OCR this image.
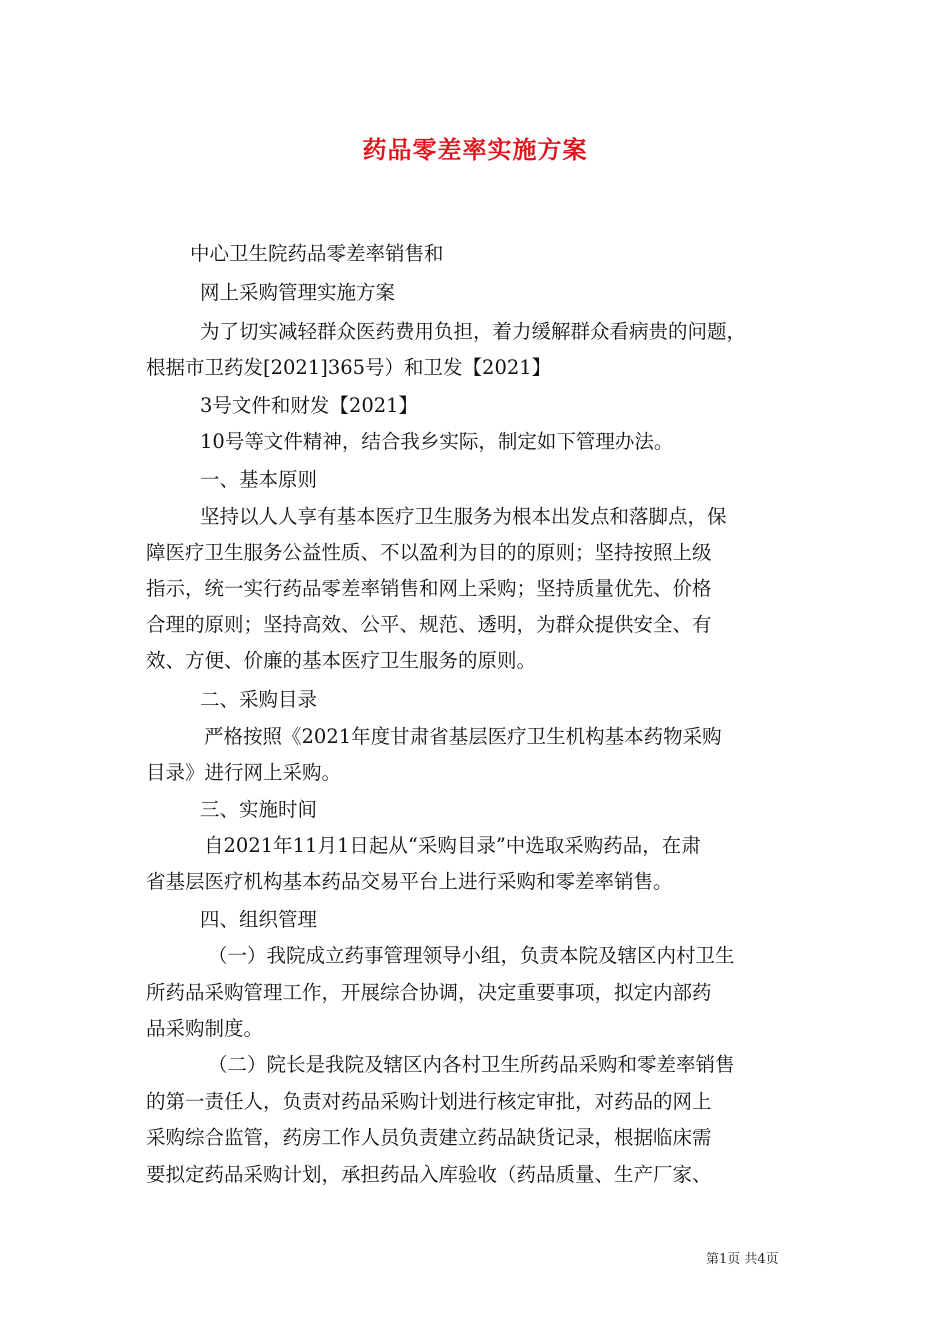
药品零差率实施方案
中心卫生院药品零差率销售和
网上采购管理实施方案
为了切实减轻群众医药费用负担，着力缓解群众看病贵的问题，
根据市卫药发[2021]365号）和卫发【2021】
3号文件和财发【2021】
10号等文件精神，结合我乡实际，制定如下管理办法。
一、基本原则
坚持以人人享有基本医疗卫生服务为根本出发点和落脚点，保
障医疗卫生服务公益性质、不以盈利为目的的原则；坚持按照上级
指示，统一实行药品零差率销售和网上采购；坚持质量优先、价格
合理的原则；坚持高效、公平、规范、透明，为群众提供安全、有
效、方便、价廉的基本医疗卫生服务的原则。
二、采购目录
严格按照《2021年度甘肃省基层医疗卫生机构基本药物采购
目录》进行网上采购。
三、实施时间
自2021年11月1日起从“采购目录”中选取采购药品，在肃
省基层医疗机构基本药品交易平台上进行采购和零差率销售。
四、组织管理
（一）我院成立药事管理领导小组，负责本院及辖区内村卫生
所药品采购管理工作，开展综合协调，决定重要事项，拟定内部药
品采购制度。
（二）院长是我院及辖区内各村卫生所药品采购和零差率销售
的第一责任人，负责对药品采购计划进行核定审批，对药品的网上
采购综合监管，药房工作人员负责建立药品缺货记录，根据临床需
要拟定药品采购计划，承担药品入库验收（药品质量、生产厂家、
第1页 共4页
